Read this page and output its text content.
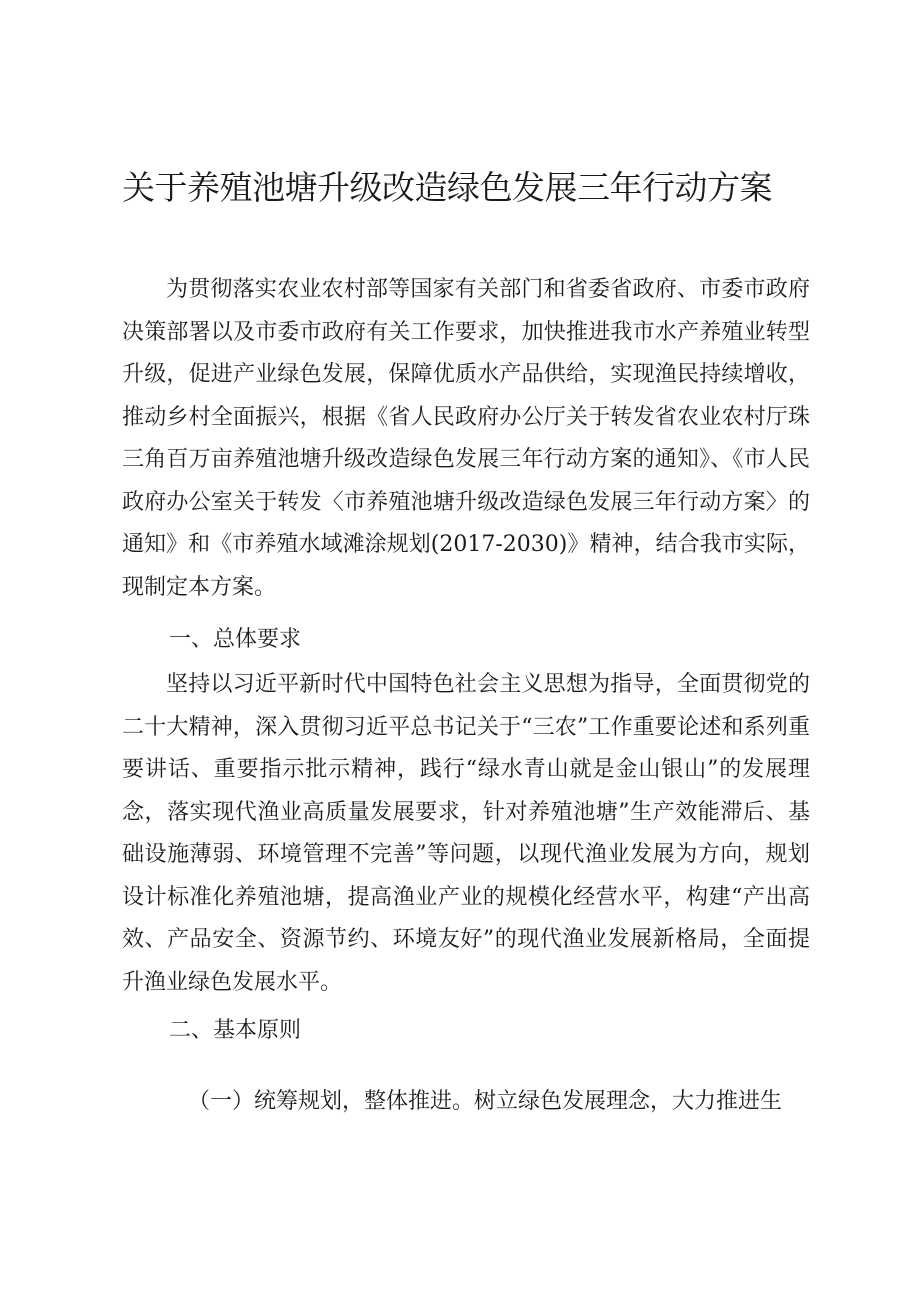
关于养殖池塘升级改造绿色发展三年行动方案

为贯彻落实农业农村部等国家有关部门和省委省政府、市委市政府决策部署以及市委市政府有关工作要求，加快推进我市水产养殖业转型升级，促进产业绿色发展，保障优质水产品供给，实现渔民持续增收，推动乡村全面振兴，根据《省人民政府办公厅关于转发省农业农村厅珠三角百万亩养殖池塘升级改造绿色发展三年行动方案的通知》、《市人民政府办公室关于转发〈市养殖池塘升级改造绿色发展三年行动方案〉的通知》和《市养殖水域滩涂规划(2017-2030)》精神，结合我市实际，现制定本方案。

一、总体要求

坚持以习近平新时代中国特色社会主义思想为指导，全面贯彻党的二十大精神，深入贯彻习近平总书记关于“三农”工作重要论述和系列重要讲话、重要指示批示精神，践行“绿水青山就是金山银山”的发展理念，落实现代渔业高质量发展要求，针对养殖池塘”生产效能滞后、基础设施薄弱、环境管理不完善”等问题，以现代渔业发展为方向，规划设计标准化养殖池塘，提高渔业产业的规模化经营水平，构建“产出高效、产品安全、资源节约、环境友好”的现代渔业发展新格局，全面提升渔业绿色发展水平。

二、基本原则

（一）统筹规划，整体推进。树立绿色发展理念，大力推进生
